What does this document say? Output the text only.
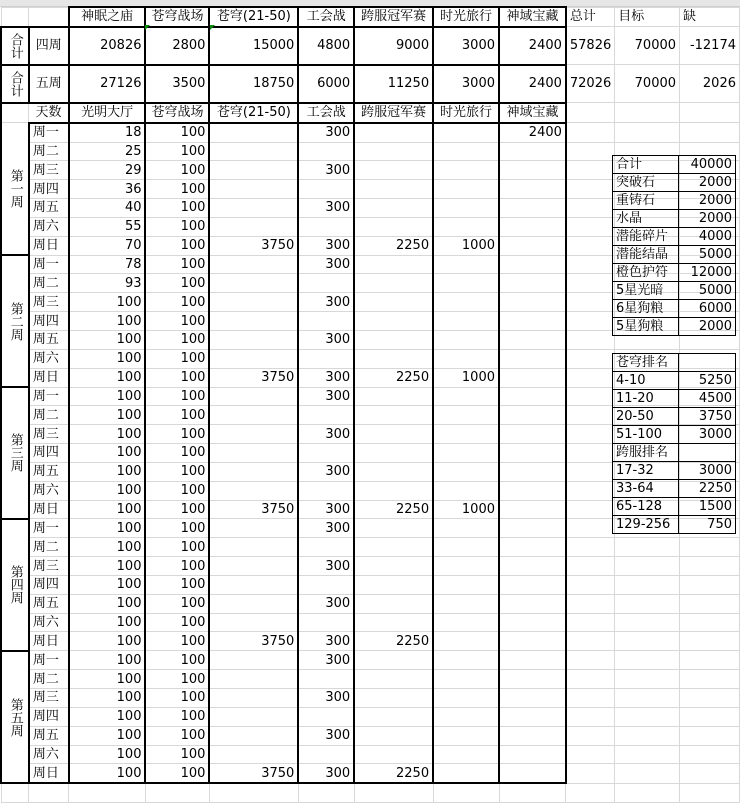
		神眠之庙	苍穹战场	苍穹(21-50)	工会战	跨服冠军赛	时光旅行	神域宝藏	总计	目标	缺
合计	四周	20826	2800	15000	4800	9000	3000	2400	57826	70000	-12174
合计	五周	27126	3500	18750	6000	11250	3000	2400	72026	70000	2026
	天数	光明大厅	苍穹战场	苍穹(21-50)	工会战	跨服冠军赛	时光旅行	神域宝藏			
第一周	周一	18	100		300			2400			
	周二	25	100								
	周三	29	100		300						
	周四	36	100								
	周五	40	100		300						
	周六	55	100								
	周日	70	100	3750	300	2250	1000				
第二周	周一	78	100		300						
	周二	93	100								
	周三	100	100		300						
	周四	100	100								
	周五	100	100		300						
	周六	100	100								
	周日	100	100	3750	300	2250	1000				
第三周	周一	100	100		300						
	周二	100	100								
	周三	100	100		300						
	周四	100	100								
	周五	100	100		300						
	周六	100	100								
	周日	100	100	3750	300	2250	1000				
第四周	周一	100	100		300						
	周二	100	100								
	周三	100	100		300						
	周四	100	100								
	周五	100	100		300						
	周六	100	100								
	周日	100	100	3750	300	2250					
第五周	周一	100	100		300						
	周二	100	100								
	周三	100	100		300						
	周四	100	100								
	周五	100	100		300						
	周六	100	100								
	周日	100	100	3750	300	2250					

合计	40000
突破石	2000
重铸石	2000
水晶	2000
潜能碎片	4000
潜能结晶	5000
橙色护符	12000
5星光暗	5000
6星狗粮	6000
5星狗粮	2000
苍穹排名	
4-10	5250
11-20	4500
20-50	3750
51-100	3000
跨服排名	
17-32	3000
33-64	2250
65-128	1500
129-256	750
